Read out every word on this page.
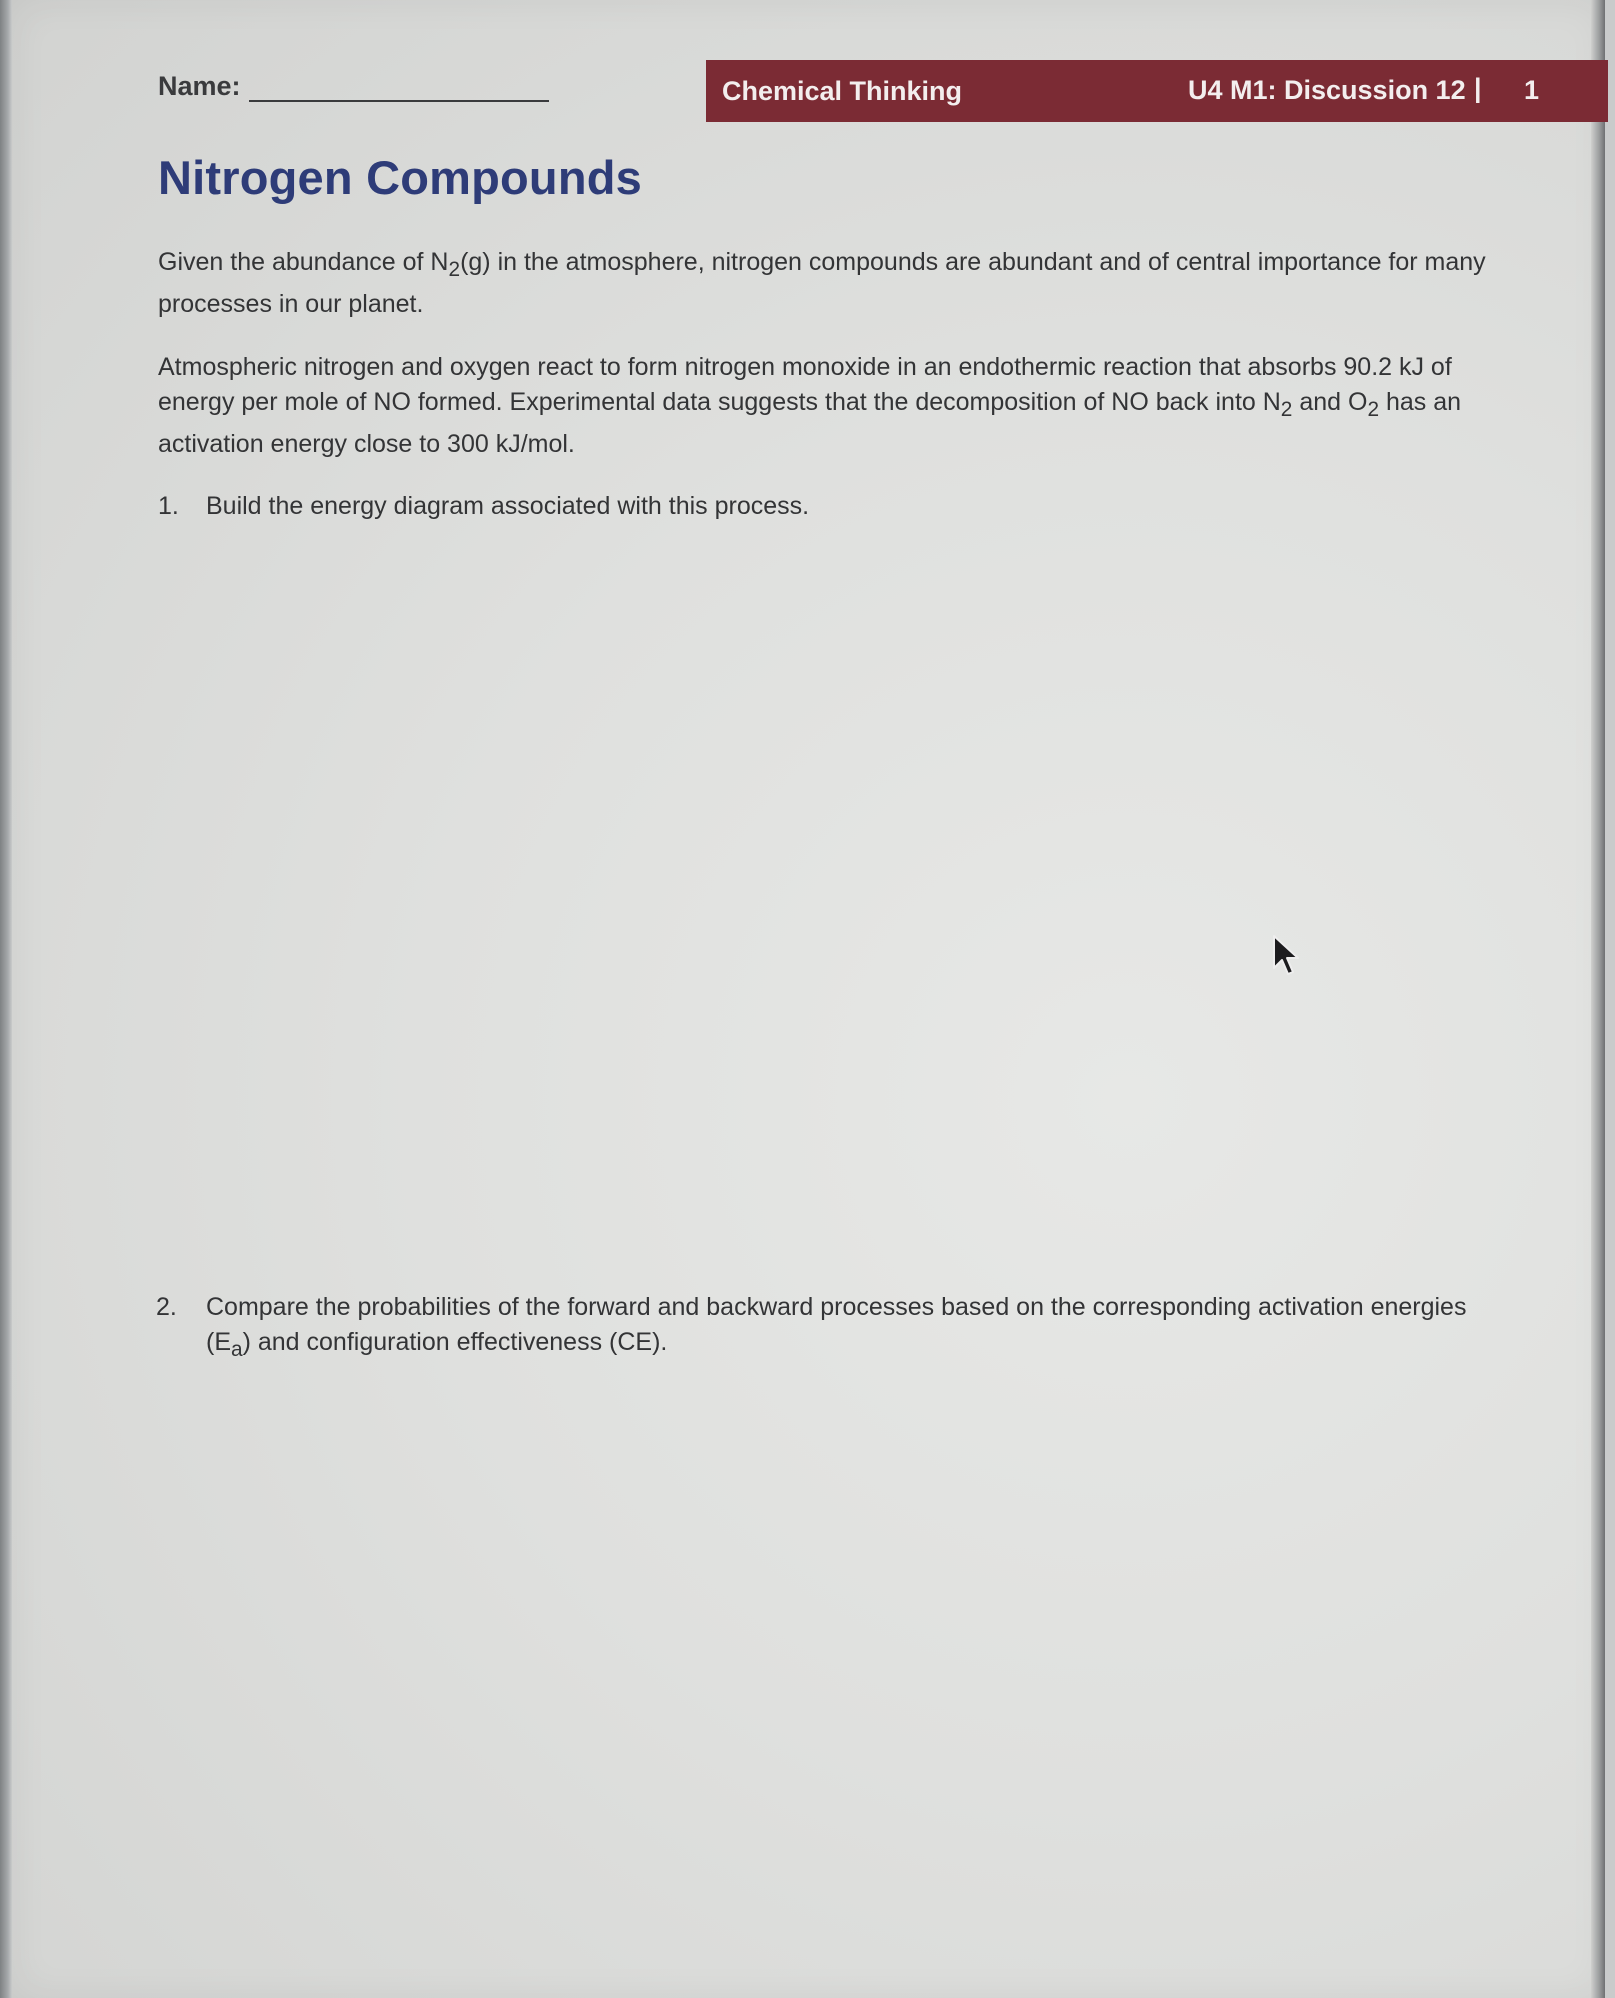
Name:	Chemical Thinking	U4 M1: Discussion 12 | 1
Nitrogen Compounds
Given the abundance of $N_2(g)$ in the atmosphere, nitrogen compounds are abundant and of central importance for many processes in our planet.
Atmospheric nitrogen and oxygen react to form nitrogen monoxide in an endothermic reaction that absorbs 90.2 kJ of energy per mole of NO formed. Experimental data suggests that the decomposition of NO back into $N_2$ and $O_2$ has an activation energy close to 300 kJ/mol.
1. Build the energy diagram associated with this process.
2. Compare the probabilities of the forward and backward processes based on the corresponding activation energies $(E_a)$ and configuration effectiveness (CE).
